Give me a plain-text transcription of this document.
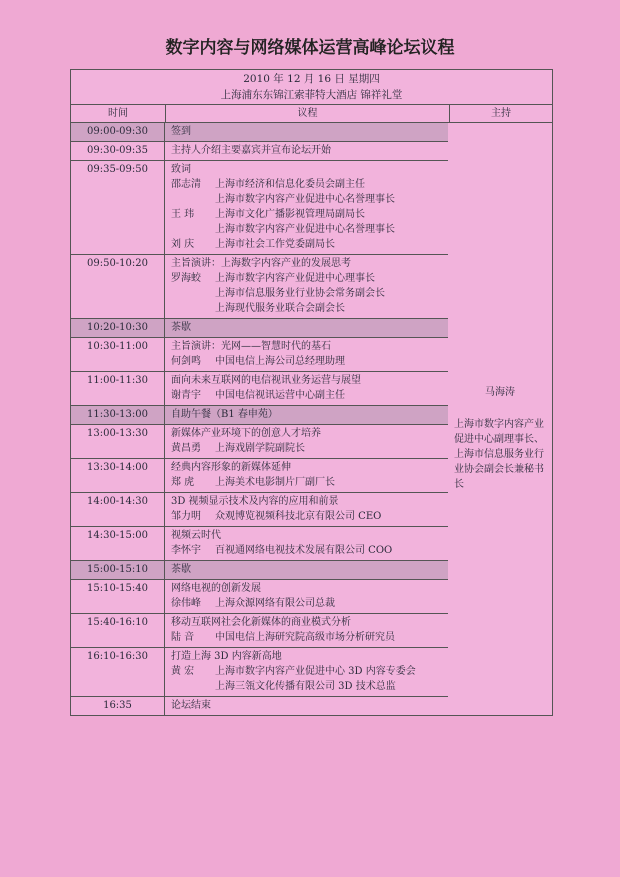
数字内容与网络媒体运营高峰论坛议程
2010 年 12 月 16 日 星期四
上海浦东东锦江索菲特大酒店 锦祥礼堂
时间	议程	主持
09:00-09:30	签到
09:30-09:35	主持人介绍主要嘉宾并宣布论坛开始
09:35-09:50	致词
邵志清	上海市经济和信息化委员会副主任
上海市数字内容产业促进中心名誉理事长
王 玮	上海市文化广播影视管理局副局长
上海市数字内容产业促进中心名誉理事长
刘 庆	上海市社会工作党委副局长
09:50-10:20	主旨演讲：上海数字内容产业的发展思考
罗海蛟	上海市数字内容产业促进中心理事长
上海市信息服务业行业协会常务副会长
上海现代服务业联合会副会长
10:20-10:30	茶歇
10:30-11:00	主旨演讲：光网——智慧时代的基石
何剑鸣	中国电信上海公司总经理助理
11:00-11:30	面向未来互联网的电信视讯业务运营与展望
谢青宇	中国电信视讯运营中心副主任
11:30-13:00	自助午餐（B1 春申苑）
13:00-13:30	新媒体产业环境下的创意人才培养
黄昌勇	上海戏剧学院副院长
13:30-14:00	经典内容形象的新媒体延伸
郑 虎	上海美术电影制片厂副厂长
14:00-14:30	3D 视频显示技术及内容的应用和前景
邹力明	众观博览视频科技北京有限公司 CEO
14:30-15:00	视频云时代
李怀宇	百视通网络电视技术发展有限公司 COO
15:00-15:10	茶歇
15:10-15:40	网络电视的创新发展
徐伟峰	上海众源网络有限公司总裁
15:40-16:10	移动互联网社会化新媒体的商业模式分析
陆 音	中国电信上海研究院高级市场分析研究员
16:10-16:30	打造上海 3D 内容新高地
黄 宏	上海市数字内容产业促进中心 3D 内容专委会
上海三瓴文化传播有限公司 3D 技术总监
16:35	论坛结束
马海涛
上海市数字内容产业促进中心副理事长、上海市信息服务业行业协会副会长兼秘书长
